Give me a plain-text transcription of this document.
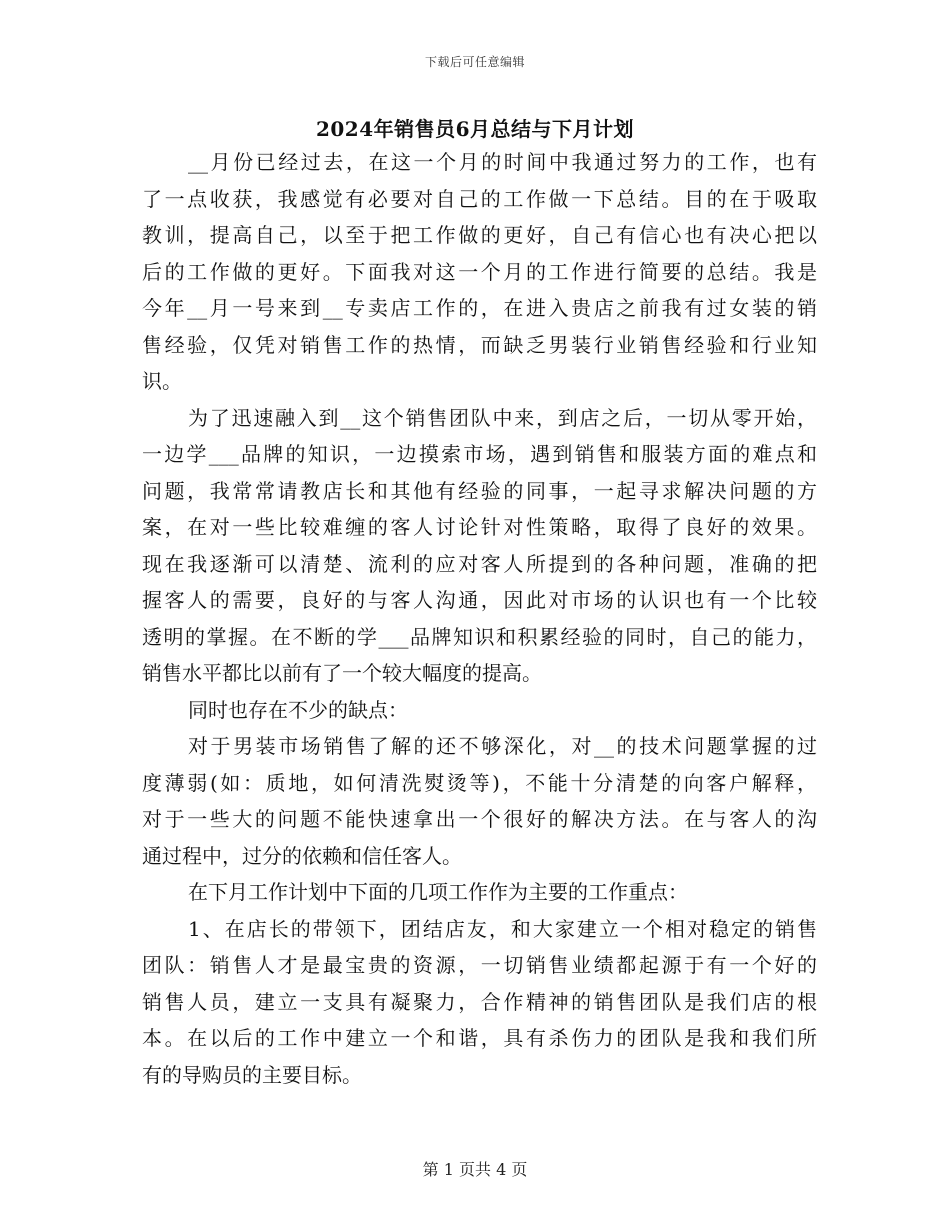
下载后可任意编辑
2024年销售员6月总结与下月计划
__月份已经过去，在这一个月的时间中我通过努力的工作，也有
了一点收获，我感觉有必要对自己的工作做一下总结。目的在于吸取
教训，提高自己，以至于把工作做的更好，自己有信心也有决心把以
后的工作做的更好。下面我对这一个月的工作进行简要的总结。我是
今年__月一号来到__专卖店工作的，在进入贵店之前我有过女装的销
售经验，仅凭对销售工作的热情，而缺乏男装行业销售经验和行业知
识。
为了迅速融入到__这个销售团队中来，到店之后，一切从零开始，
一边学___品牌的知识，一边摸索市场，遇到销售和服装方面的难点和
问题，我常常请教店长和其他有经验的同事，一起寻求解决问题的方
案，在对一些比较难缠的客人讨论针对性策略，取得了良好的效果。
现在我逐渐可以清楚、流利的应对客人所提到的各种问题，准确的把
握客人的需要，良好的与客人沟通，因此对市场的认识也有一个比较
透明的掌握。在不断的学___品牌知识和积累经验的同时，自己的能力，
销售水平都比以前有了一个较大幅度的提高。
同时也存在不少的缺点：
对于男装市场销售了解的还不够深化，对__的技术问题掌握的过
度薄弱(如：质地，如何清洗熨烫等)，不能十分清楚的向客户解释，
对于一些大的问题不能快速拿出一个很好的解决方法。在与客人的沟
通过程中，过分的依赖和信任客人。
在下月工作计划中下面的几项工作作为主要的工作重点：
1、在店长的带领下，团结店友，和大家建立一个相对稳定的销售
团队：销售人才是最宝贵的资源，一切销售业绩都起源于有一个好的
销售人员，建立一支具有凝聚力，合作精神的销售团队是我们店的根
本。在以后的工作中建立一个和谐，具有杀伤力的团队是我和我们所
有的导购员的主要目标。
第 1 页共 4 页
